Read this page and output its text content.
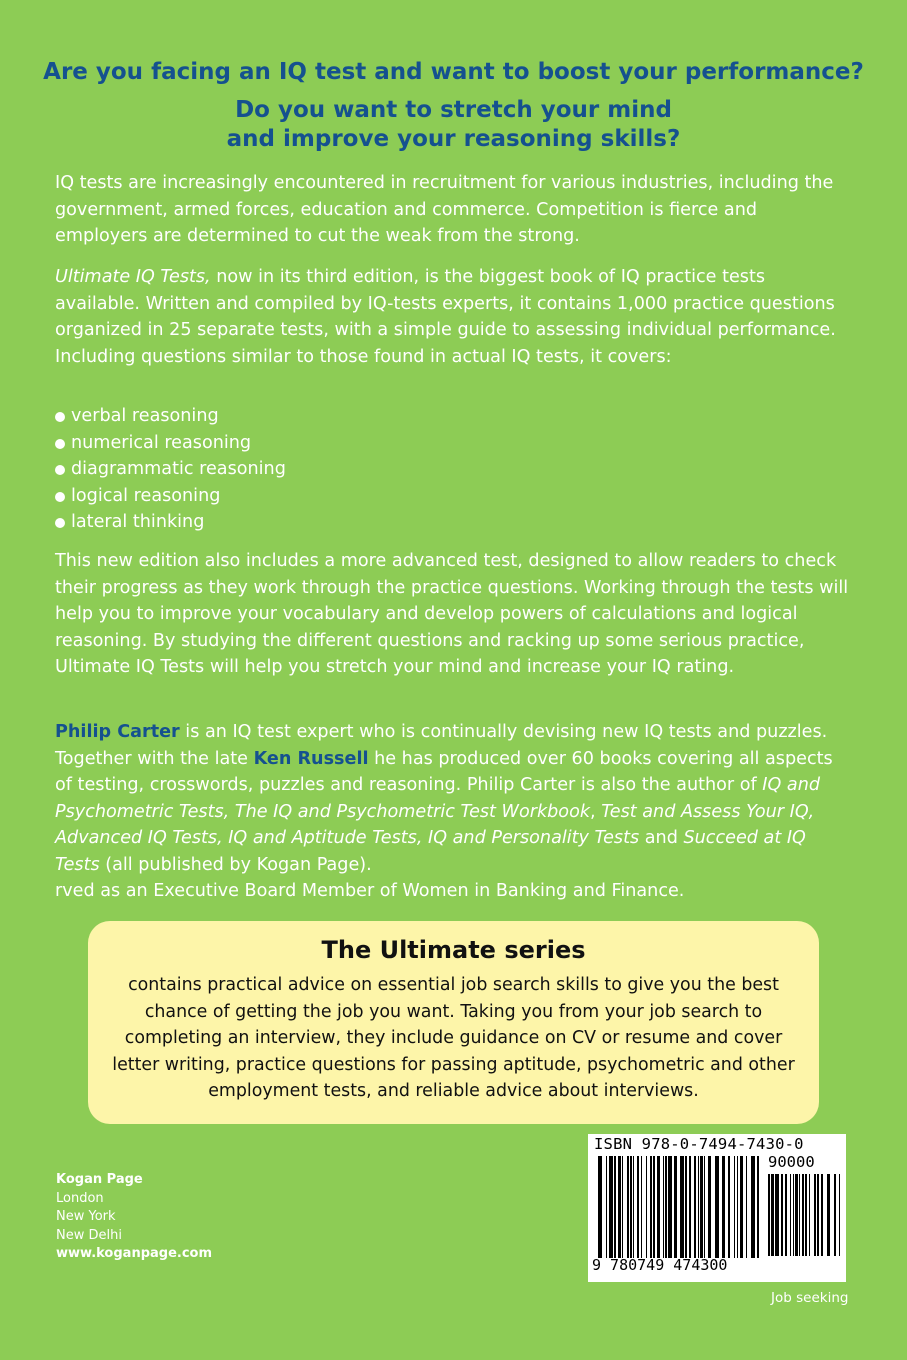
Are you facing an IQ test and want to boost your performance?
Do you want to stretch your mind
and improve your reasoning skills?

IQ tests are increasingly encountered in recruitment for various industries, including the government, armed forces, education and commerce. Competition is fierce and employers are determined to cut the weak from the strong.

Ultimate IQ Tests, now in its third edition, is the biggest book of IQ practice tests available. Written and compiled by IQ-tests experts, it contains 1,000 practice questions organized in 25 separate tests, with a simple guide to assessing individual performance. Including questions similar to those found in actual IQ tests, it covers:

verbal reasoning
numerical reasoning
diagrammatic reasoning
logical reasoning
lateral thinking

This new edition also includes a more advanced test, designed to allow readers to check their progress as they work through the practice questions. Working through the tests will help you to improve your vocabulary and develop powers of calculations and logical reasoning. By studying the different questions and racking up some serious practice, Ultimate IQ Tests will help you stretch your mind and increase your IQ rating.

Philip Carter is an IQ test expert who is continually devising new IQ tests and puzzles. Together with the late Ken Russell he has produced over 60 books covering all aspects of testing, crosswords, puzzles and reasoning. Philip Carter is also the author of IQ and Psychometric Tests, The IQ and Psychometric Test Workbook, Test and Assess Your IQ, Advanced IQ Tests, IQ and Aptitude Tests, IQ and Personality Tests and Succeed at IQ Tests (all published by Kogan Page).
rved as an Executive Board Member of Women in Banking and Finance.

The Ultimate series

contains practical advice on essential job search skills to give you the best chance of getting the job you want. Taking you from your job search to completing an interview, they include guidance on CV or resume and cover letter writing, practice questions for passing aptitude, psychometric and other employment tests, and reliable advice about interviews.

Kogan Page
London
New York
New Delhi
www.koganpage.com
ISBN 978-0-7494-7430-0
90000
9 780749 474300
Job seeking
